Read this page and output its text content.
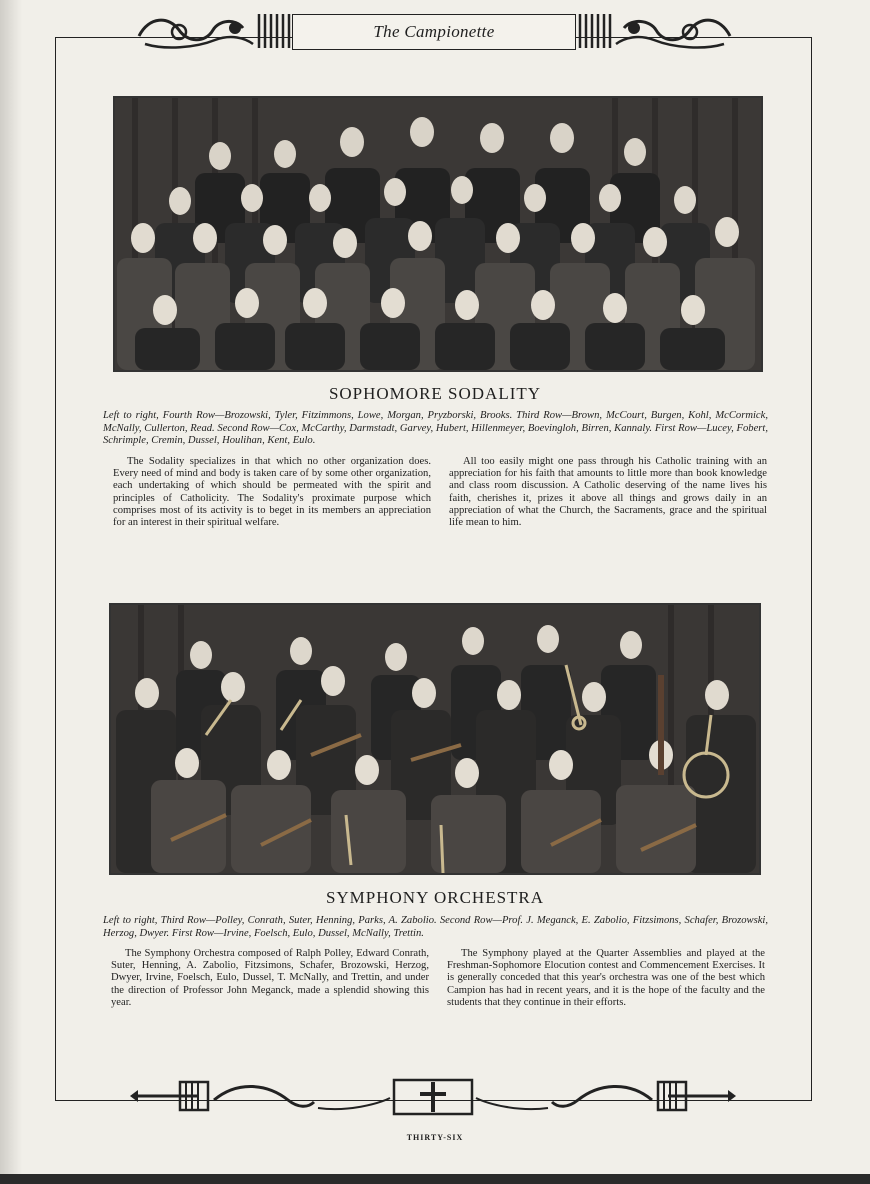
The Campionette
SOPHOMORE SODALITY

Left to right, Fourth Row—Brozowski, Tyler, Fitzimmons, Lowe, Morgan, Pryzborski, Brooks. Third Row—Brown, McCourt, Burgen, Kohl, McCormick, McNally, Cullerton, Read. Second Row—Cox, McCarthy, Darmstadt, Garvey, Hubert, Hillenmeyer, Boevingloh, Birren, Kannaly. First Row—Lucey, Fobert, Schrimple, Cremin, Dussel, Houlihan, Kent, Eulo.

The Sodality specializes in that which no other organization does. Every need of mind and body is taken care of by some other organization, each undertaking of which should be permeated with the spirit and principles of Catholicity. The Sodality's proximate purpose which comprises most of its activity is to beget in its members an appreciation for an interest in their spiritual welfare.

All too easily might one pass through his Catholic training with an appreciation for his faith that amounts to little more than book knowledge and class room discussion. A Catholic deserving of the name lives his faith, cherishes it, prizes it above all things and grows daily in an appreciation of what the Church, the Sacraments, grace and the spiritual life mean to him.

SYMPHONY ORCHESTRA

Left to right, Third Row—Polley, Conrath, Suter, Henning, Parks, A. Zabolio. Second Row—Prof. J. Meganck, E. Zabolio, Fitzsimons, Schafer, Brozowski, Herzog, Dwyer. First Row—Irvine, Foelsch, Eulo, Dussel, McNally, Trettin.

The Symphony Orchestra composed of Ralph Polley, Edward Conrath, Suter, Henning, A. Zabolio, Fitzsimons, Schafer, Brozowski, Herzog, Dwyer, Irvine, Foelsch, Eulo, Dussel, T. McNally, and Trettin, and under the direction of Professor John Meganck, made a splendid showing this year.

The Symphony played at the Quarter Assemblies and played at the Freshman-Sophomore Elocution contest and Commencement Exercises. It is generally conceded that this year's orchestra was one of the best which Campion has had in recent years, and it is the hope of the faculty and the students that they continue in their efforts.

THIRTY-SIX
